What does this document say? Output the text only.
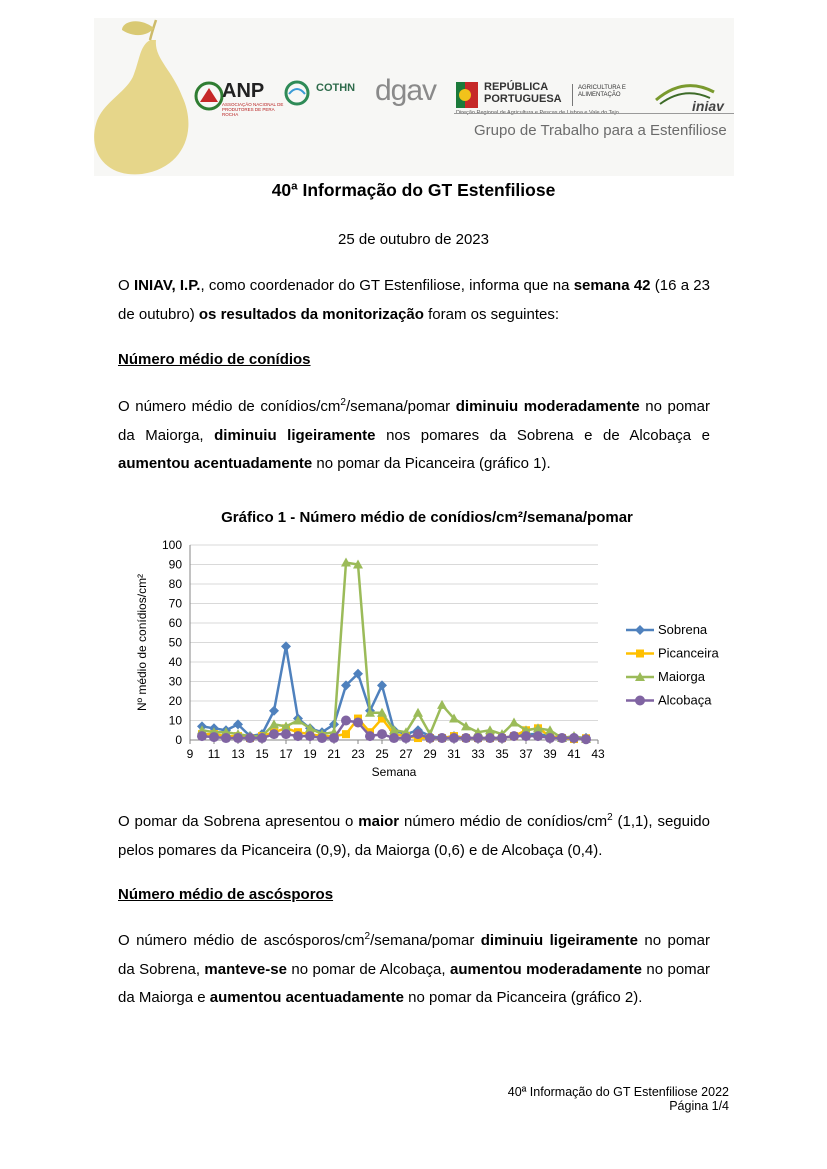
ANP
ASSOCIAÇÃO NACIONAL DE PRODUTORES DE PERA ROCHA
COTHN dgav	REPÚBLICA PORTUGUESA
AGRICULTURA E ALIMENTAÇÃO
Direção Regional de Agricultura e Pescas de Lisboa e Vale do Tejo	iniav
Grupo de Trabalho para a Estenfiliose
40ª Informação do GT Estenfiliose
25 de outubro de 2023
O INIAV, I.P., como coordenador do GT Estenfiliose, informa que na semana 42 (16 a 23 de outubro) os resultados da monitorização foram os seguintes:
Número médio de conídios
O número médio de conídios/$cm^2/semana$/pomar diminuiu moderadamente no pomar da Maiorga, diminuiu ligeiramente nos pomares da Sobrena e de Alcobaça e aumentou acentuadamente no pomar da Picanceira (gráfico 1).
Gráfico 1 - Número médio de conídios/cm²/semana/pomar
0
10
20
30
40
50
60
70
80
90
100
9 11 13 15 17 19 21 23 25 27 29 31 33 35 37 39 41 43
Semana
Nº médio de conídios/cm²	Sobrena
Picanceira
Maiorga
Alcobaça
O pomar da Sobrena apresentou o maior número médio de conídios/$cm^2$ (1,1), seguido pelos pomares da Picanceira (0,9), da Maiorga (0,6) e de Alcobaça (0,4).
Número médio de ascósporos
O número médio de ascósporos/$cm^2/semana$/pomar diminuiu ligeiramente no pomar da Sobrena, manteve-se no pomar de Alcobaça, aumentou moderadamente no pomar da Maiorga e aumentou acentuadamente no pomar da Picanceira (gráfico 2).
40ª Informação do GT Estenfiliose 2022
Página 1/4
